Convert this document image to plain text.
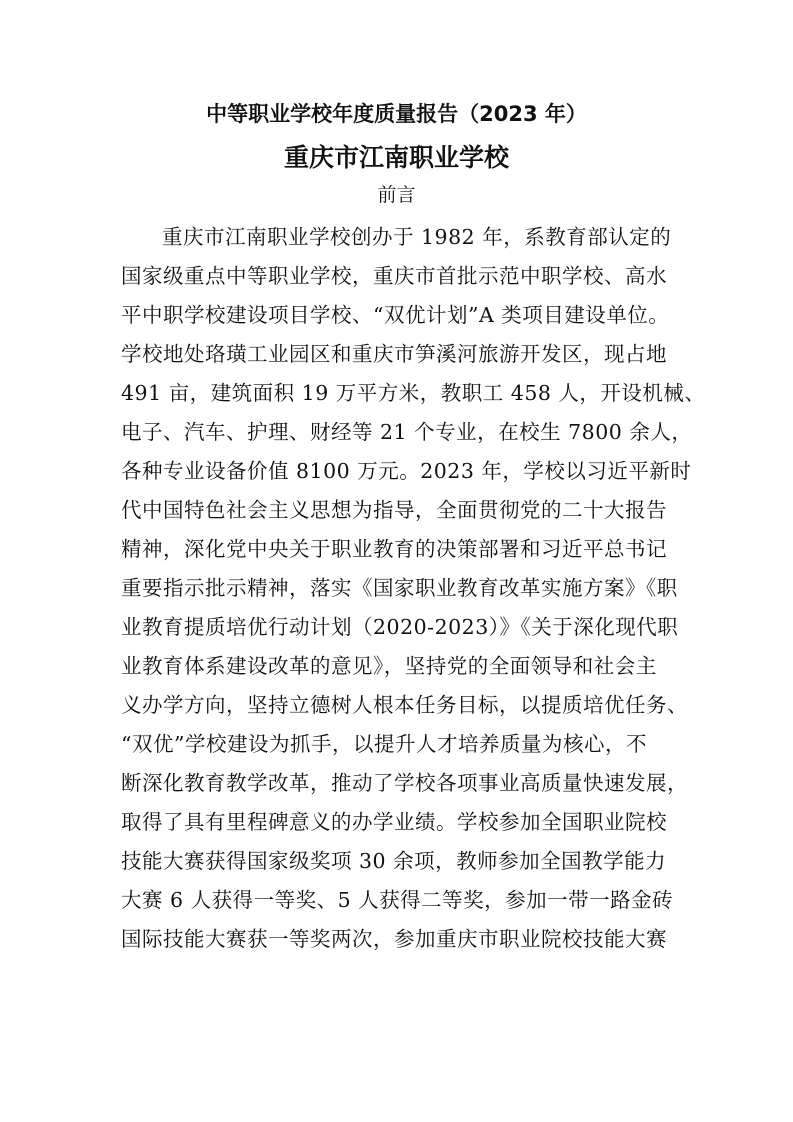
中等职业学校年度质量报告（2023 年）
重庆市江南职业学校
前言
重庆市江南职业学校创办于 1982 年，系教育部认定的
国家级重点中等职业学校，重庆市首批示范中职学校、高水
平中职学校建设项目学校、“双优计划”A 类项目建设单位。
学校地处珞璜工业园区和重庆市笋溪河旅游开发区，现占地
491 亩，建筑面积 19 万平方米，教职工 458 人，开设机械、
电子、汽车、护理、财经等 21 个专业，在校生 7800 余人，
各种专业设备价值 8100 万元。2023 年，学校以习近平新时
代中国特色社会主义思想为指导，全面贯彻党的二十大报告
精神，深化党中央关于职业教育的决策部署和习近平总书记
重要指示批示精神，落实《国家职业教育改革实施方案》《职
业教育提质培优行动计划（2020-2023）》《关于深化现代职
业教育体系建设改革的意见》，坚持党的全面领导和社会主
义办学方向，坚持立德树人根本任务目标，以提质培优任务、
“双优”学校建设为抓手，以提升人才培养质量为核心，不
断深化教育教学改革，推动了学校各项事业高质量快速发展，
取得了具有里程碑意义的办学业绩。学校参加全国职业院校
技能大赛获得国家级奖项 30 余项，教师参加全国教学能力
大赛 6 人获得一等奖、5 人获得二等奖，参加一带一路金砖
国际技能大赛获一等奖两次，参加重庆市职业院校技能大赛
